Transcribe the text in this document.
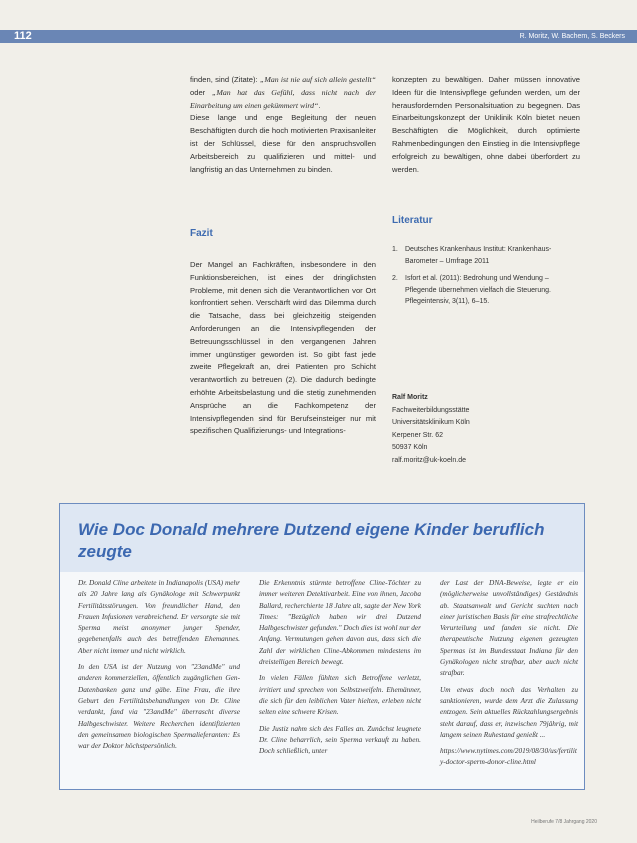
112	R. Moritz, W. Bachem, S. Beckers

finden, sind (Zitate): „Man ist nie auf sich allein gestellt“ oder „Man hat das Gefühl, dass nicht nach der Einarbeitung um einen gekümmert wird“.

Diese lange und enge Begleitung der neuen Beschäftigten durch die hoch motivierten Praxisanleiter ist der Schlüssel, diese für den anspruchsvollen Arbeitsbereich zu qualifizieren und mittel- und langfristig an das Unternehmen zu binden.

Fazit

Der Mangel an Fachkräften, insbesondere in den Funktionsbereichen, ist eines der dringlichsten Probleme, mit denen sich die Verantwortlichen vor Ort konfrontiert sehen. Verschärft wird das Dilemma durch die Tatsache, dass bei gleichzeitig steigenden Anforderungen an die Intensivpflegenden der Betreuungsschlüssel in den vergangenen Jahren immer ungünstiger geworden ist. So gibt fast jede zweite Pflegekraft an, drei Patienten pro Schicht verantwortlich zu betreuen (2). Die dadurch bedingte erhöhte Arbeitsbelastung und die stetig zunehmenden Ansprüche an die Fachkompetenz der Intensivpflegenden sind für Berufseinsteiger nur mit spezifischen Qualifizierungs- und Integrations-

konzepten zu bewältigen. Daher müssen innovative Ideen für die Intensivpflege gefunden werden, um der herausfordernden Personalsituation zu begegnen. Das Einarbeitungskonzept der Uniklinik Köln bietet neuen Beschäftigten die Möglichkeit, durch optimierte Rahmenbedingungen den Einstieg in die Intensivpflege erfolgreich zu bewältigen, ohne dabei überfordert zu werden.

Literatur
1. Deutsches Krankenhaus Institut: Krankenhaus-Barometer – Umfrage 2011
2. Isfort et al. (2011): Bedrohung und Wendung – Pflegende übernehmen vielfach die Steuerung. Pflegeintensiv, 3(11), 6–15.
Ralf Moritz
Fachweiterbildungsstätte
Universitätsklinikum Köln
Kerpener Str. 62
50937 Köln
ralf.moritz@uk-koeln.de
Wie Doc Donald mehrere Dutzend eigene Kinder beruflich zeugte

Dr. Donald Cline arbeitete in Indianapolis (USA) mehr als 20 Jahre lang als Gynäkologe mit Schwerpunkt Fertilitätsstörungen. Von freundlicher Hand, den Frauen Infusionen verabreichend. Er versorgte sie mit Sperma meist anonymer junger Spender, gegebenenfalls auch des betreffenden Ehemannes. Aber nicht immer und nicht wirklich.

In den USA ist der Nutzung von "23andMe" und anderen kommerziellen, öffentlich zugänglichen Gen-Datenbanken ganz und gäbe. Eine Frau, die ihre Geburt den Fertilitätsbehandlungen von Dr. Cline verdankt, fand via "23andMe" überrascht diverse Halbgeschwister. Weitere Recherchen identifizierten den gemeinsamen biologischen Spermalieferanten: Es war der Doktor höchstpersönlich.

Die Erkenntnis stürmte betroffene Cline-Töchter zu immer weiteren Detektivarbeit. Eine von ihnen, Jacoba Ballard, recherchierte 18 Jahre alt, sagte der New York Times: "Bezüglich haben wir drei Dutzend Halbgeschwister gefunden." Doch dies ist wohl nur der Anfang. Vermutungen gehen davon aus, dass sich die Zahl der wirklichen Cline-Abkommen mindestens im dreistelligen Bereich bewegt.

In vielen Fällen fühlten sich Betroffene verletzt, irritiert und sprechen von Selbstzweifeln. Ehemänner, die sich für den leiblichen Vater hielten, erleben nicht selten eine schwere Krisen.

Die Justiz nahm sich des Falles an. Zunächst leugnete Dr. Cline beharrlich, sein Sperma verkauft zu haben. Doch schließlich, unter

der Last der DNA-Beweise, legte er ein (möglicherweise unvollständiges) Geständnis ab. Staatsanwalt und Gericht suchten nach einer juristischen Basis für eine strafrechtliche Verurteilung und fanden sie nicht. Die therapeutische Nutzung eigenen gezeugten Spermas ist im Bundesstaat Indiana für den Gynäkologen nicht strafbar, aber auch nicht strafbar.

Um etwas doch noch das Verhalten zu sanktionieren, wurde dem Arzt die Zulassung entzogen. Sein aktuelles Rückzahlungsergebnis steht darauf, dass er, inzwischen 79jährig, mit langem seinen Ruhestand genießt ...

https://www.nytimes.com/2019/08/30/us/fertility-doctor-sperm-donor-cline.html

Heilberufe 7/8 Jahrgang 2020
